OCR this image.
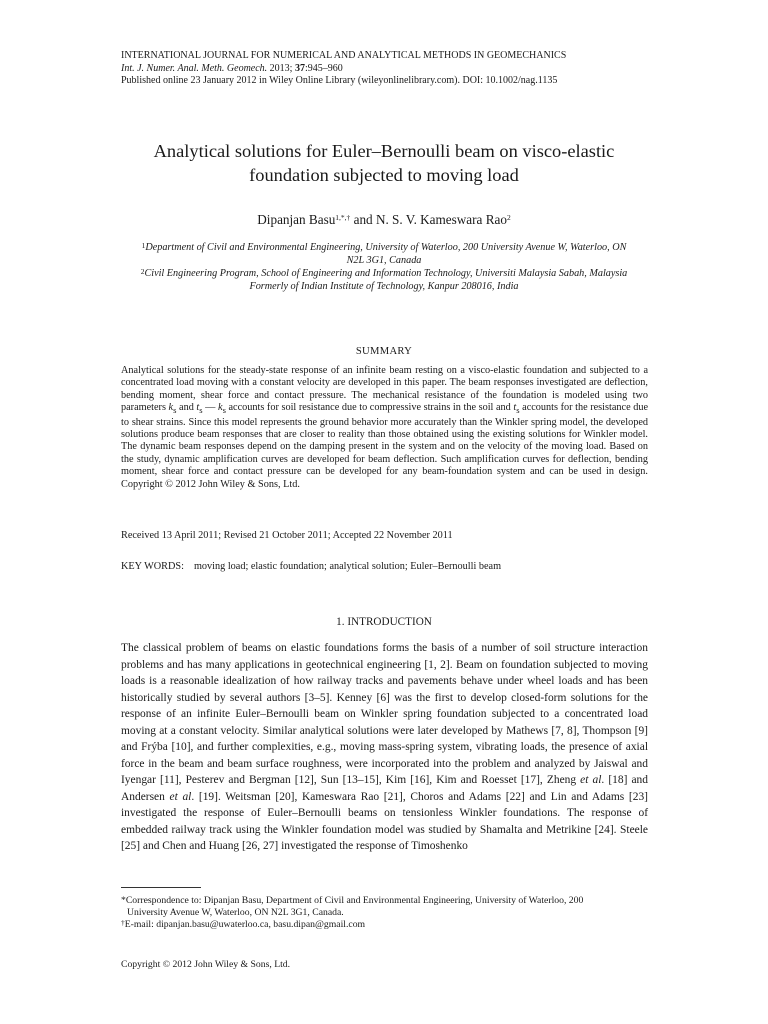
INTERNATIONAL JOURNAL FOR NUMERICAL AND ANALYTICAL METHODS IN GEOMECHANICS
Int. J. Numer. Anal. Meth. Geomech. 2013; 37:945–960
Published online 23 January 2012 in Wiley Online Library (wileyonlinelibrary.com). DOI: 10.1002/nag.1135
Analytical solutions for Euler–Bernoulli beam on visco-elastic
foundation subjected to moving load
Dipanjan Basu$^{1,*,\dagger}$ and N. S. V. Kameswara Rao$^2$
$^1$Department of Civil and Environmental Engineering, University of Waterloo, 200 University Avenue W, Waterloo, ON
N2L 3G1, Canada
$^2$Civil Engineering Program, School of Engineering and Information Technology, Universiti Malaysia Sabah, Malaysia
Formerly of Indian Institute of Technology, Kanpur 208016, India
SUMMARY
Analytical solutions for the steady-state response of an infinite beam resting on a visco-elastic foundation and subjected to a concentrated load moving with a constant velocity are developed in this paper. The beam responses investigated are deflection, bending moment, shear force and contact pressure. The mechanical resistance of the foundation is modeled using two parameters $k_s$ and $t_s$ — $k_s$ accounts for soil resistance due to compressive strains in the soil and $t_s$ accounts for the resistance due to shear strains. Since this model represents the ground behavior more accurately than the Winkler spring model, the developed solutions produce beam responses that are closer to reality than those obtained using the existing solutions for Winkler model. The dynamic beam responses depend on the damping present in the system and on the velocity of the moving load. Based on the study, dynamic amplification curves are developed for beam deflection. Such amplification curves for deflection, bending moment, shear force and contact pressure can be developed for any beam-foundation system and can be used in design. Copyright © 2012 John Wiley & Sons, Ltd.
Received 13 April 2011; Revised 21 October 2011; Accepted 22 November 2011
KEY WORDS: moving load; elastic foundation; analytical solution; Euler–Bernoulli beam
1. INTRODUCTION
The classical problem of beams on elastic foundations forms the basis of a number of soil structure interaction problems and has many applications in geotechnical engineering [1, 2]. Beam on foundation subjected to moving loads is a reasonable idealization of how railway tracks and pavements behave under wheel loads and has been historically studied by several authors [3–5]. Kenney [6] was the first to develop closed-form solutions for the response of an infinite Euler–Bernoulli beam on Winkler spring foundation subjected to a concentrated load moving at a constant velocity. Similar analytical solutions were later developed by Mathews [7, 8], Thompson [9] and Frýba [10], and further complexities, e.g., moving mass-spring system, vibrating loads, the presence of axial force in the beam and beam surface roughness, were incorporated into the problem and analyzed by Jaiswal and Iyengar [11], Pesterev and Bergman [12], Sun [13–15], Kim [16], Kim and Roesset [17], Zheng et al. [18] and Andersen et al. [19]. Weitsman [20], Kameswara Rao [21], Choros and Adams [22] and Lin and Adams [23] investigated the response of Euler–Bernoulli beams on tensionless Winkler foundations. The response of embedded railway track using the Winkler foundation model was studied by Shamalta and Metrikine [24]. Steele [25] and Chen and Huang [26, 27] investigated the response of Timoshenko
*Correspondence to: Dipanjan Basu, Department of Civil and Environmental Engineering, University of Waterloo, 200
University Avenue W, Waterloo, ON N2L 3G1, Canada.
†E-mail: dipanjan.basu@uwaterloo.ca, basu.dipan@gmail.com
Copyright © 2012 John Wiley & Sons, Ltd.
